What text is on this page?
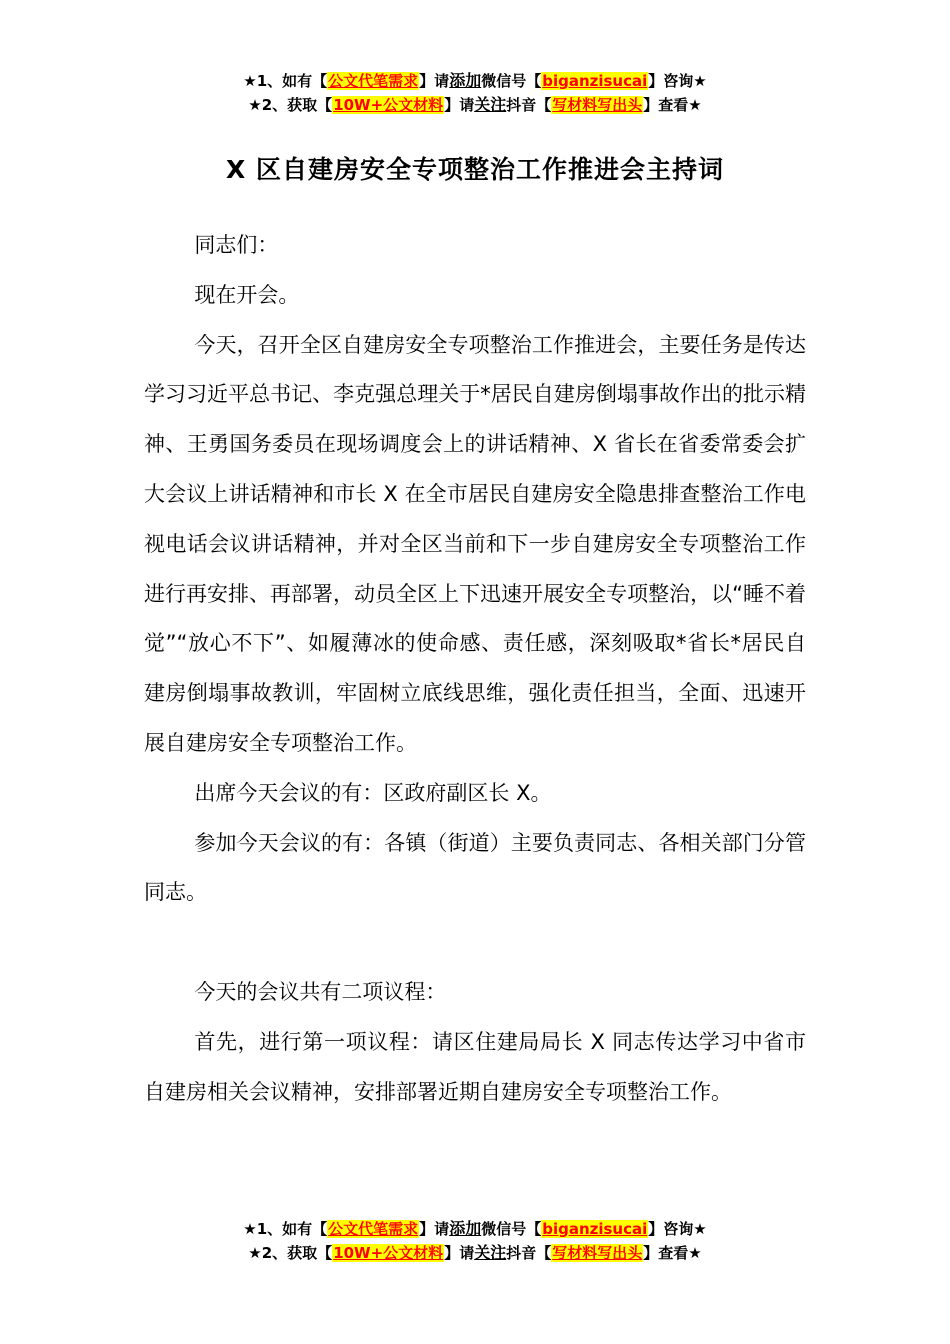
★1、如有【公文代笔需求】请添加微信号【biganzisucai】咨询★
★2、获取【10W+公文材料】请关注抖音【写材料写出头】查看★
X 区自建房安全专项整治工作推进会主持词

同志们：

现在开会。

今天，召开全区自建房安全专项整治工作推进会，主要任务是传达学习习近平总书记、李克强总理关于*居民自建房倒塌事故作出的批示精神、王勇国务委员在现场调度会上的讲话精神、X 省长在省委常委会扩大会议上讲话精神和市长 X 在全市居民自建房安全隐患排查整治工作电视电话会议讲话精神，并对全区当前和下一步自建房安全专项整治工作进行再安排、再部署，动员全区上下迅速开展安全专项整治，以“睡不着觉”“放心不下”、如履薄冰的使命感、责任感，深刻吸取*省长*居民自建房倒塌事故教训，牢固树立底线思维，强化责任担当，全面、迅速开展自建房安全专项整治工作。

出席今天会议的有：区政府副区长 X。

参加今天会议的有：各镇（街道）主要负责同志、各相关部门分管同志。

今天的会议共有二项议程：

首先，进行第一项议程：请区住建局局长 X 同志传达学习中省市自建房相关会议精神，安排部署近期自建房安全专项整治工作。

★1、如有【公文代笔需求】请添加微信号【biganzisucai】咨询★
★2、获取【10W+公文材料】请关注抖音【写材料写出头】查看★
